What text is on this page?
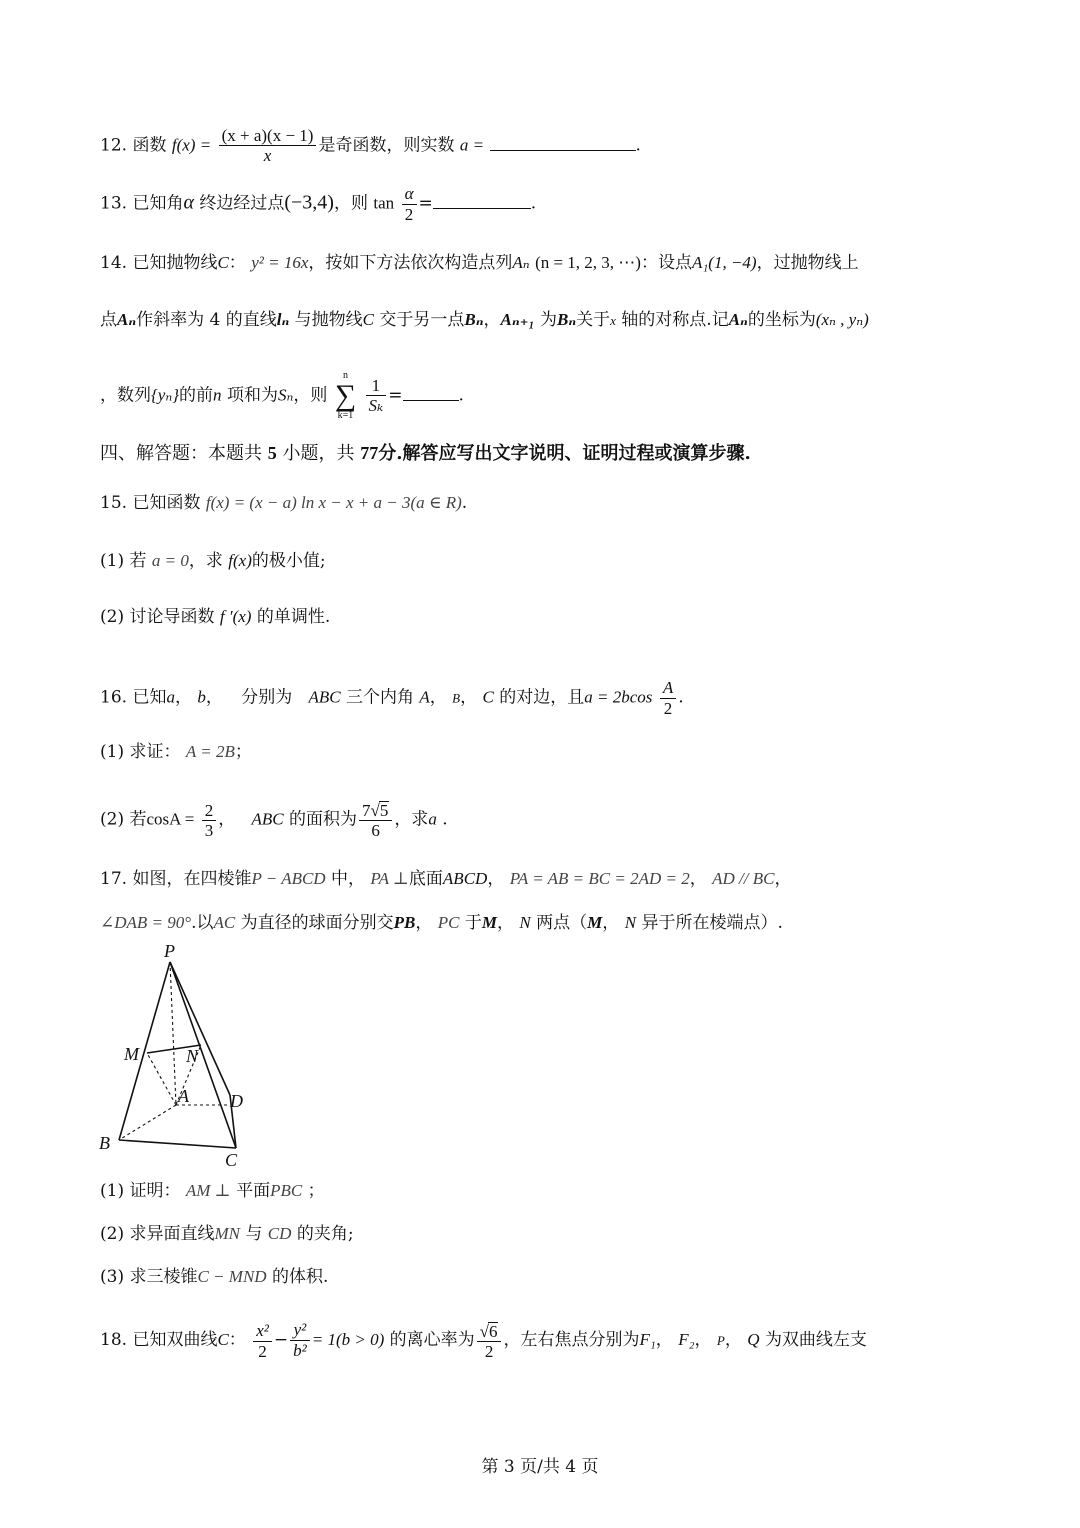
12. 函数 $f(x) = \frac{(x + a)(x - 1)}{x}$ 是奇函数，则实数 a =	.
13. 已知角α 终边经过点(−3,4)，则 $\tan \frac{\alpha}{2}$ =	.
14. 已知抛物线C： y² = 16x，按如下方法依次构造点列Aₙ (n = 1, 2, 3, ⋯)：设点A₁(1, −4)，过抛物线上
点Aₙ作斜率为 4 的直线lₙ 与抛物线C 交于另一点Bₙ，Aₙ₊₁ 为Bₙ关于x 轴的对称点.记Aₙ的坐标为(xₙ , yₙ)
，数列{yₙ}的前n 项和为Sₙ，则 n
∑
$k=1 \frac{1}{\text{Sₖ}}$ =	.
四、解答题：本题共 5 小题，共 77分.解答应写出文字说明、证明过程或演算步骤.
15. 已知函数 f(x) = (x − a) ln x − x + a − 3(a ∈ R).
(1) 若 a = 0，求 f(x)的极小值;
(2) 讨论导函数 f ′(x) 的单调性.
16. 已知a， b， c 分别为 ABC 三个内角 A， B， C 的对边，且$a = 2bcos \frac{A}{2}$ .
(1) 求证： A = 2B；
(2) 若$\cos A = \frac{2}{3}$ ， ABC 的面积为 $\frac{7√5}{6}$ ，求a .
17. 如图，在四棱锥P − ABCD 中， PA ⊥底面ABCD， PA = AB = BC = 2AD = 2， AD // BC，
∠DAB = 90°.以AC 为直径的球面分别交PB， PC 于M， N 两点（M， N 异于所在棱端点）.
P
M	N
A D
B
C
(1) 证明： AM ⊥ 平面PBC ；
(2) 求异面直线MN 与 CD 的夹角;
(3) 求三棱锥C − MND 的体积.
18. 已知双曲线C： $\frac{\text{x²}}{2} - \frac{\text{y²}}{\text{b²}} = 1(b > 0)$ 的离心率为 $\frac{√6}{2}$ ，左右焦点分别为F₁， F₂， P， Q 为双曲线左支
第 3 页/共 4 页
